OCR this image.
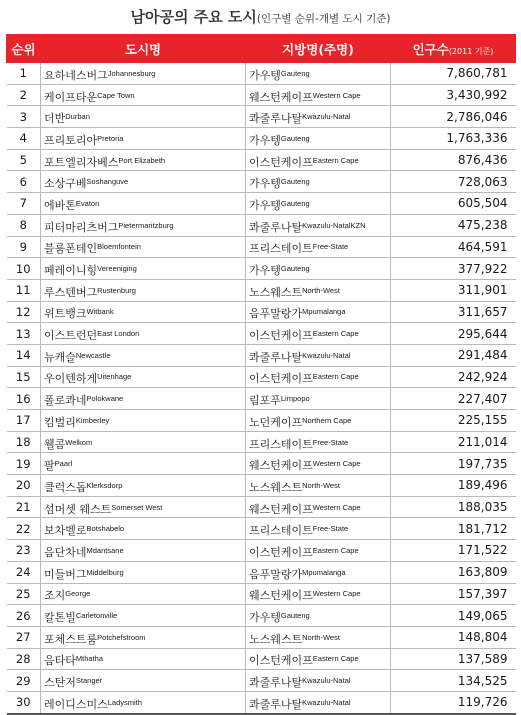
남아공의 주요 도시(인구별 순위-개별 도시 기준)
순위	도시명	지방명(주명)	인구수(2011 기준)
1	요하네스버그Johannesburg	가우텡Gauteng	7,860,781
2	케이프타운Cape Town	웨스턴케이프Western Cape	3,430,992
3	더반Durban	콰줄루나탈Kwazulu-Natal	2,786,046
4	프리토리아Pretoria	가우텡Gauteng	1,763,336
5	포트엘리자베스Port Elizabeth	이스턴케이프Eastern Cape	876,436
6	소상구베Soshanguve	가우텡Gauteng	728,063
7	에바톤Evaton	가우텡Gauteng	605,504
8	피터마리츠버그Pietermaritzburg	콰줄루나탈Kwazulu-NatalKZN	475,238
9	블룸폰테인Bloemfontein	프리스테이트Free-State	464,591
10	페레이니힝Vereeniging	가우텡Gauteng	377,922
11	루스텐버그Rustenburg	노스웨스트North-West	311,901
12	위트뱅크Witbank	음푸말랑가Mpumalanga	311,657
13	이스트런던East London	이스턴케이프Eastern Cape	295,644
14	뉴캐슬Newcastle	콰줄루나탈Kwazulu-Natal	291,484
15	우이텐하게Uitenhage	이스턴케이프Eastern Cape	242,924
16	폴로콰네Polokwane	림포푸Limpopo	227,407
17	킴벌리Kimberley	노던케이프Northern Cape	225,155
18	웰콤Welkom	프리스테이트Free-State	211,014
19	팔Paarl	웨스턴케이프Western Cape	197,735
20	클럭스돕Klerksdorp	노스웨스트North-West	189,496
21	섬머셋 웨스트Somerset West	웨스턴케이프Western Cape	188,035
22	보차벨로Botshabelo	프리스테이트Free-State	181,712
23	음단차네Mdantsane	이스턴케이프Eastern Cape	171,522
24	미들버그Middelburg	음푸말랑가Mpumalanga	163,809
25	조지George	웨스턴케이프Western Cape	157,397
26	칼톤빌Carletonville	가우텡Gauteng	149,065
27	포체스트룸Potchefstroom	노스웨스트North-West	148,804
28	음타타Mthatha	이스턴케이프Eastern Cape	137,589
29	스탄저Stanger	콰줄루나탈Kwazulu-Natal	134,525
30	레이디스미스Ladysmith	콰줄루나탈Kwazulu-Natal	119,726
